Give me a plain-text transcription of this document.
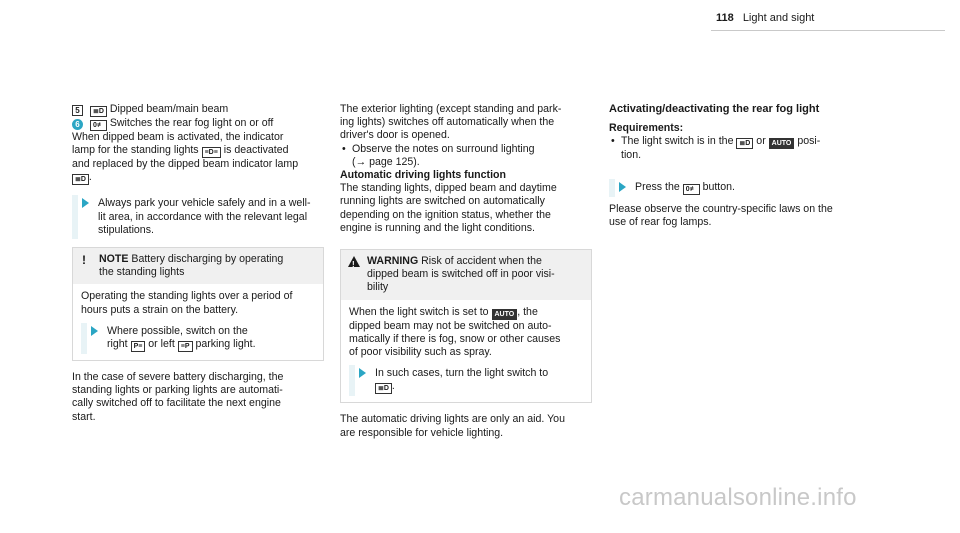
118 Light and sight

5 ≣D Dipped beam/main beam

6 0≢ Switches the rear fog light on or off

When dipped beam is activated, the indicator
lamp for the standing lights ≡D≡ is deactivated
and replaced by the dipped beam indicator lamp
≣D .

Always park your vehicle safely and in a well-
lit area, in accordance with the relevant legal
stipulations.
! NOTE Battery discharging by operating
the standing lights
Operating the standing lights over a period of
hours puts a strain on the battery.
Where possible, switch on the
right P≡ or left ≡P parking light.

In the case of severe battery discharging, the
standing lights or parking lights are automati-
cally switched off to facilitate the next engine
start.

The exterior lighting (except standing and park-
ing lights) switches off automatically when the
driver's door is opened.

• Observe the notes on surround lighting
(→ page 125).

Automatic driving lights function

The standing lights, dipped beam and daytime
running lights are switched on automatically
depending on the ignition status, whether the
engine is running and the light conditions.

!
WARNING Risk of accident when the
dipped beam is switched off in poor visi-
bility
When the light switch is set to AUTO , the
dipped beam may not be switched on auto-
matically if there is fog, snow or other causes
of poor visibility such as spray.
In such cases, turn the light switch to
≣D .

The automatic driving lights are only an aid. You
are responsible for vehicle lighting.

Activating/deactivating the rear fog light

Requirements:

• The light switch is in the ≣D or AUTO posi-
tion.
Press the 0≢ button.

Please observe the country-specific laws on the
use of rear fog lamps.

carmanualsonline.info
